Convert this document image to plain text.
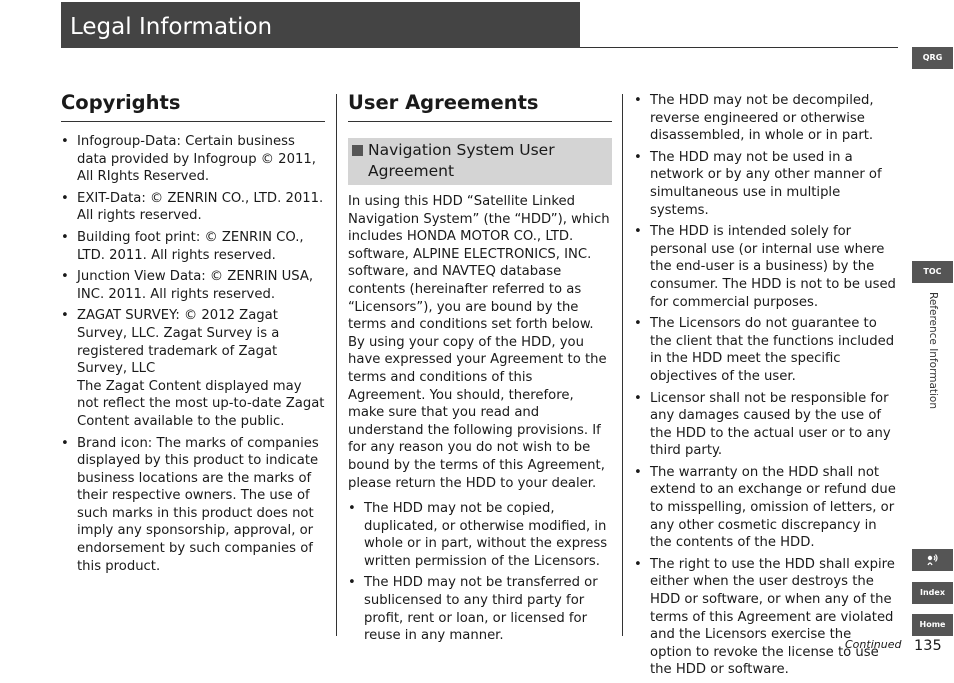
Legal Information
QRG
TOC
Reference Information
Index
Home
Copyrights
• Infogroup-Data: Certain business data provided by Infogroup © 2011, All RIghts Reserved.
• EXIT-Data: © ZENRIN CO., LTD. 2011. All rights reserved.
• Building foot print: © ZENRIN CO., LTD. 2011. All rights reserved.
• Junction View Data: © ZENRIN USA, INC. 2011. All rights reserved.
• ZAGAT SURVEY: © 2012 Zagat Survey, LLC. Zagat Survey is a registered trademark of Zagat Survey, LLC
The Zagat Content displayed may not reflect the most up-to-date Zagat Content available to the public.
• Brand icon: The marks of companies displayed by this product to indicate business locations are the marks of their respective owners. The use of such marks in this product does not imply any sponsorship, approval, or endorsement by such companies of this product.
User Agreements
Navigation System User Agreement
In using this HDD “Satellite Linked Navigation System” (the “HDD”), which includes HONDA MOTOR CO., LTD. software, ALPINE ELECTRONICS, INC. software, and NAVTEQ database contents (hereinafter referred to as “Licensors”), you are bound by the terms and conditions set forth below. By using your copy of the HDD, you have expressed your Agreement to the terms and conditions of this Agreement. You should, therefore, make sure that you read and understand the following provisions. If for any reason you do not wish to be bound by the terms of this Agreement, please return the HDD to your dealer.
• The HDD may not be copied, duplicated, or otherwise modified, in whole or in part, without the express written permission of the Licensors.
• The HDD may not be transferred or sublicensed to any third party for profit, rent or loan, or licensed for reuse in any manner.
• The HDD may not be decompiled, reverse engineered or otherwise disassembled, in whole or in part.
• The HDD may not be used in a network or by any other manner of simultaneous use in multiple systems.
• The HDD is intended solely for personal use (or internal use where the end-user is a business) by the consumer. The HDD is not to be used for commercial purposes.
• The Licensors do not guarantee to the client that the functions included in the HDD meet the specific objectives of the user.
• Licensor shall not be responsible for any damages caused by the use of the HDD to the actual user or to any third party.
• The warranty on the HDD shall not extend to an exchange or refund due to misspelling, omission of letters, or any other cosmetic discrepancy in the contents of the HDD.
• The right to use the HDD shall expire either when the user destroys the HDD or software, or when any of the terms of this Agreement are violated and the Licensors exercise the option to revoke the license to use the HDD or software.
Continued 135
